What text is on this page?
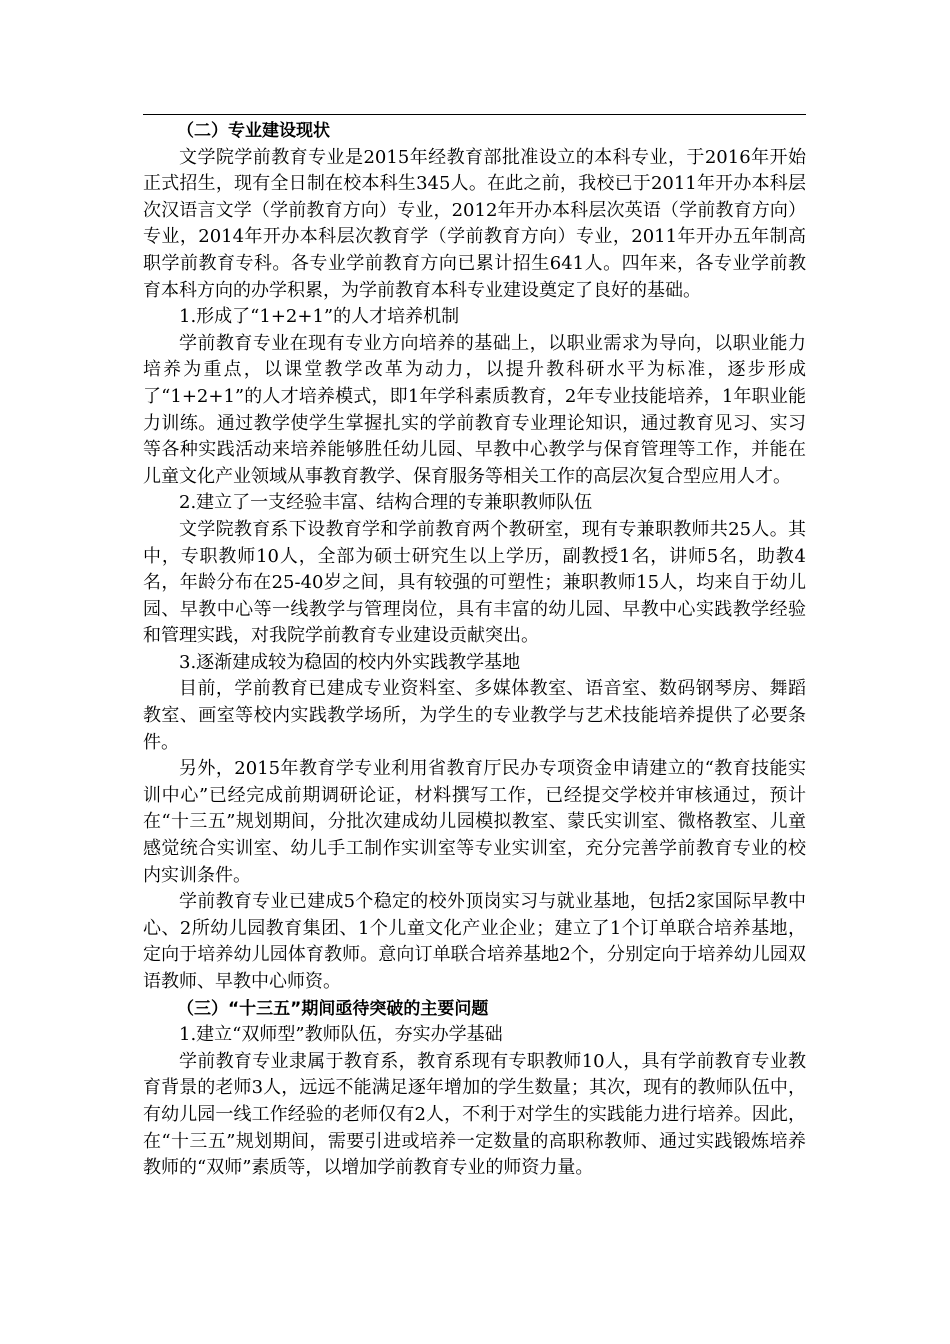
（二）专业建设现状

文学院学前教育专业是2015年经教育部批准设立的本科专业，于2016年开始正式招生，现有全日制在校本科生345人。在此之前，我校已于2011年开办本科层次汉语言文学（学前教育方向）专业，2012年开办本科层次英语（学前教育方向）专业，2014年开办本科层次教育学（学前教育方向）专业，2011年开办五年制高职学前教育专科。各专业学前教育方向已累计招生641人。四年来，各专业学前教育本科方向的办学积累，为学前教育本科专业建设奠定了良好的基础。

1.形成了“1+2+1”的人才培养机制

学前教育专业在现有专业方向培养的基础上，以职业需求为导向，以职业能力培养为重点，以课堂教学改革为动力，以提升教科研水平为标准，逐步形成了“1+2+1”的人才培养模式，即1年学科素质教育，2年专业技能培养，1年职业能力训练。通过教学使学生掌握扎实的学前教育专业理论知识，通过教育见习、实习等各种实践活动来培养能够胜任幼儿园、早教中心教学与保育管理等工作，并能在儿童文化产业领域从事教育教学、保育服务等相关工作的高层次复合型应用人才。

2.建立了一支经验丰富、结构合理的专兼职教师队伍

文学院教育系下设教育学和学前教育两个教研室，现有专兼职教师共25人。其中，专职教师10人，全部为硕士研究生以上学历，副教授1名，讲师5名，助教4名，年龄分布在25-40岁之间，具有较强的可塑性；兼职教师15人，均来自于幼儿园、早教中心等一线教学与管理岗位，具有丰富的幼儿园、早教中心实践教学经验和管理实践，对我院学前教育专业建设贡献突出。

3.逐渐建成较为稳固的校内外实践教学基地

目前，学前教育已建成专业资料室、多媒体教室、语音室、数码钢琴房、舞蹈教室、画室等校内实践教学场所，为学生的专业教学与艺术技能培养提供了必要条件。

另外，2015年教育学专业利用省教育厅民办专项资金申请建立的“教育技能实训中心”已经完成前期调研论证，材料撰写工作，已经提交学校并审核通过，预计在“十三五”规划期间，分批次建成幼儿园模拟教室、蒙氏实训室、微格教室、儿童感觉统合实训室、幼儿手工制作实训室等专业实训室，充分完善学前教育专业的校内实训条件。

学前教育专业已建成5个稳定的校外顶岗实习与就业基地，包括2家国际早教中心、2所幼儿园教育集团、1个儿童文化产业企业；建立了1个订单联合培养基地，定向于培养幼儿园体育教师。意向订单联合培养基地2个，分别定向于培养幼儿园双语教师、早教中心师资。

（三）“十三五”期间亟待突破的主要问题

1.建立“双师型”教师队伍，夯实办学基础

学前教育专业隶属于教育系，教育系现有专职教师10人，具有学前教育专业教育背景的老师3人，远远不能满足逐年增加的学生数量；其次，现有的教师队伍中，有幼儿园一线工作经验的老师仅有2人，不利于对学生的实践能力进行培养。因此，在“十三五”规划期间，需要引进或培养一定数量的高职称教师、通过实践锻炼培养教师的“双师”素质等，以增加学前教育专业的师资力量。
